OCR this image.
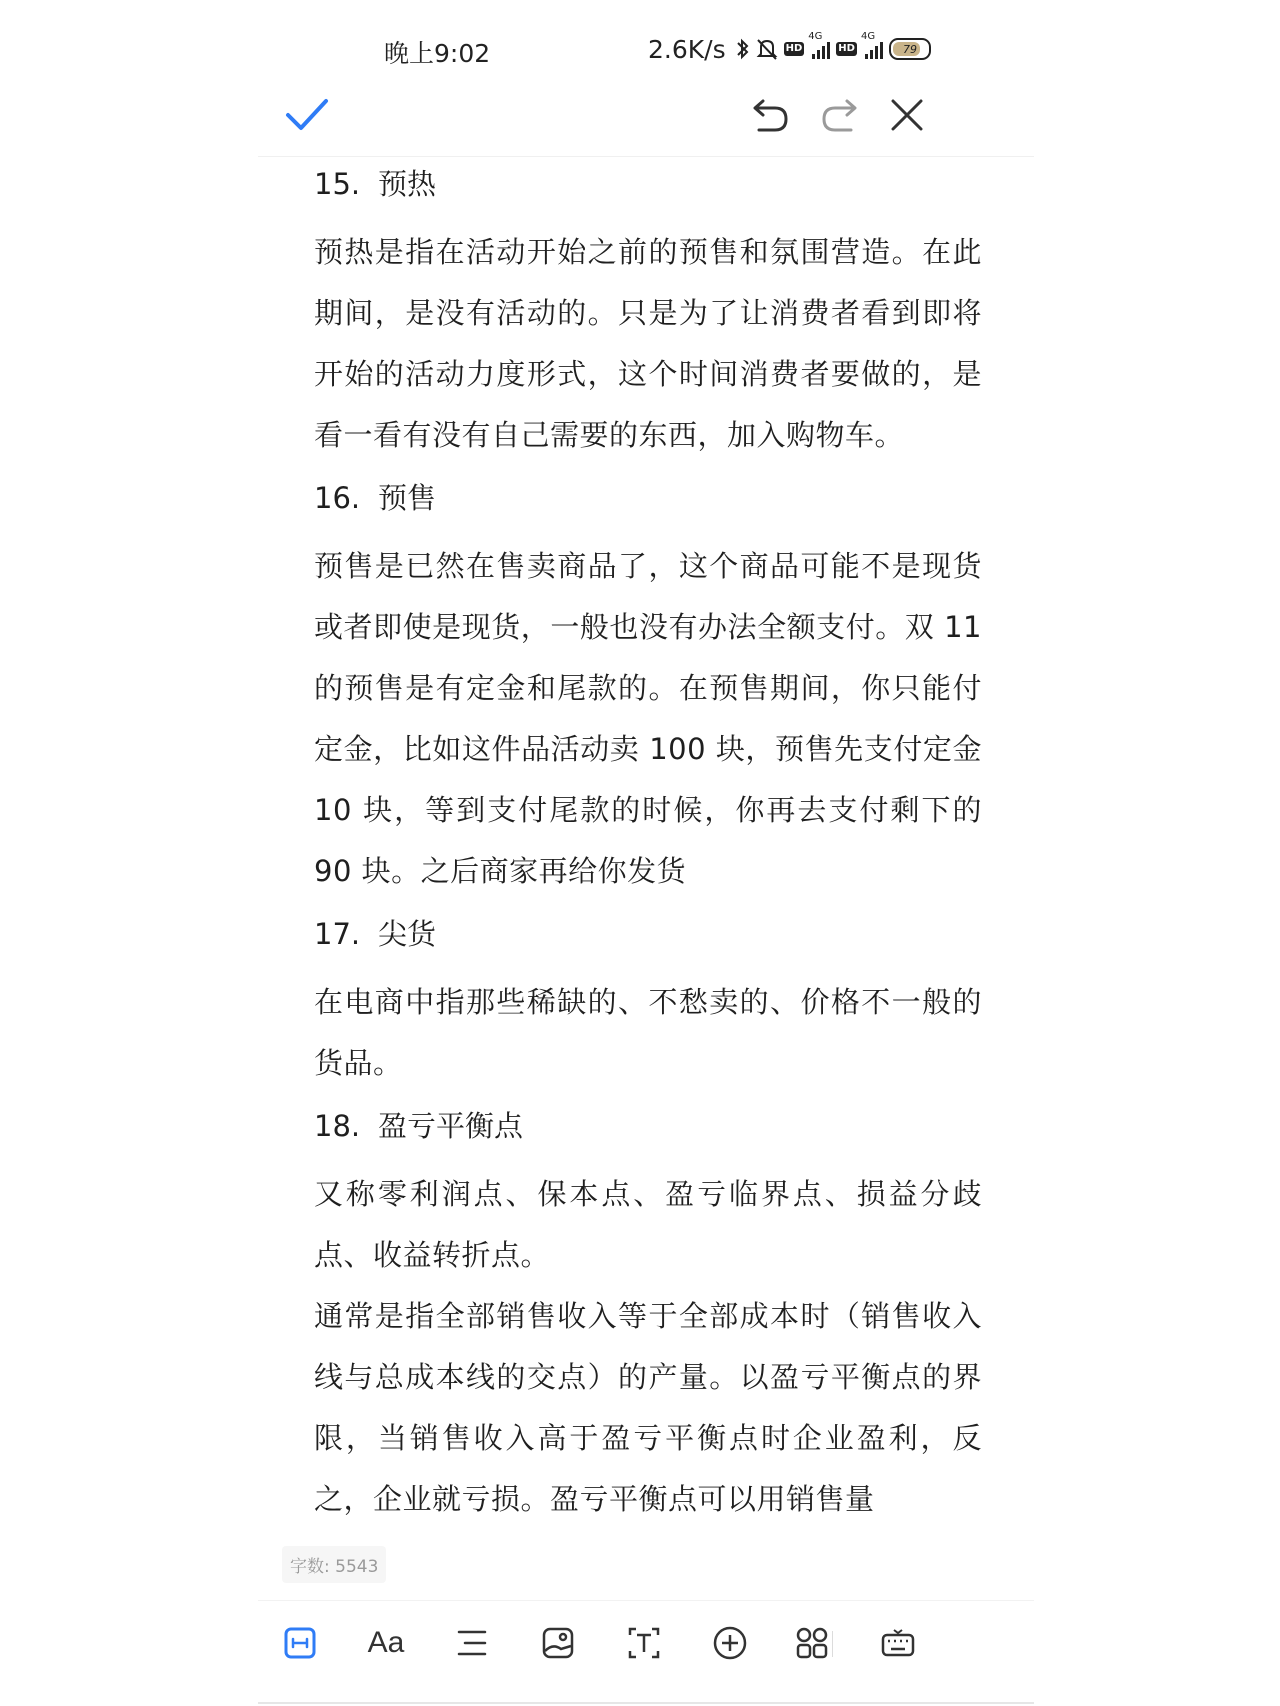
晚上9:02	2.6K/s	HD
4G
HD
4G
79
15. 预热

预热是指在活动开始之前的预售和氛围营造。在此期间，是没有活动的。只是为了让消费者看到即将开始的活动力度形式，这个时间消费者要做的，是看一看有没有自己需要的东西，加入购物车。

16. 预售

预售是已然在售卖商品了，这个商品可能不是现货或者即使是现货，一般也没有办法全额支付。双 11 的预售是有定金和尾款的。在预售期间，你只能付定金，比如这件品活动卖 100 块，预售先支付定金 10 块，等到支付尾款的时候，你再去支付剩下的 90 块。之后商家再给你发货

17. 尖货

在电商中指那些稀缺的、不愁卖的、价格不一般的货品。

18. 盈亏平衡点

又称零利润点、保本点、盈亏临界点、损益分歧点、收益转折点。

通常是指全部销售收入等于全部成本时（销售收入线与总成本线的交点）的产量。以盈亏平衡点的界限，当销售收入高于盈亏平衡点时企业盈利，反之，企业就亏损。盈亏平衡点可以用销售量

字数: 5543
Aa
